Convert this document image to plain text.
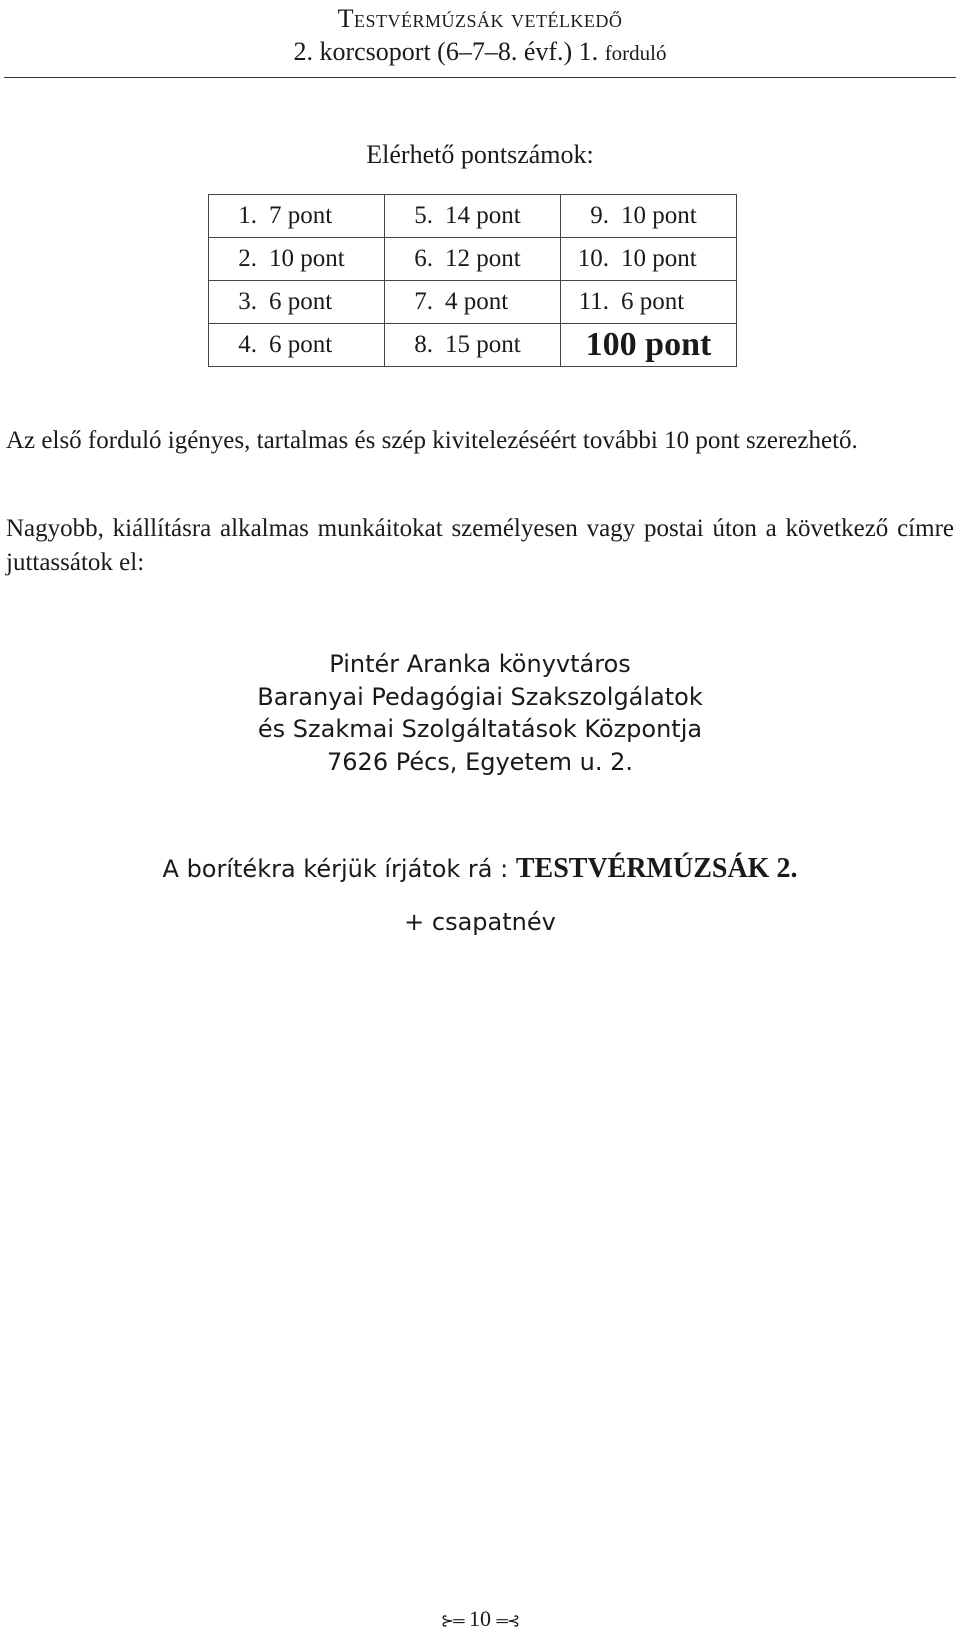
Testvérmúzsák vetélkedő
2. korcsoport (6–7–8. évf.) 1. forduló
Elérhető pontszámok:
1. 7 pont	5. 14 pont	9. 10 pont
2. 10 pont	6. 12 pont	10. 10 pont
3. 6 pont	7. 4 pont	11. 6 pont
4. 6 pont	8. 15 pont	100 pont
Az első forduló igényes, tartalmas és szép kivitelezéséért további 10 pont szerezhető.
Nagyobb, kiállításra alkalmas munkáitokat személyesen vagy postai úton a következő címre juttassátok el:
Pintér Aranka könyvtáros
Baranyai Pedagógiai Szakszolgálatok
és Szakmai Szolgáltatások Központja
7626 Pécs, Egyetem u. 2.
A borítékra kérjük írjátok rá : TESTVÉRMÚZSÁK 2.
+ csapatnév
⊱═ 10 ═⊰
